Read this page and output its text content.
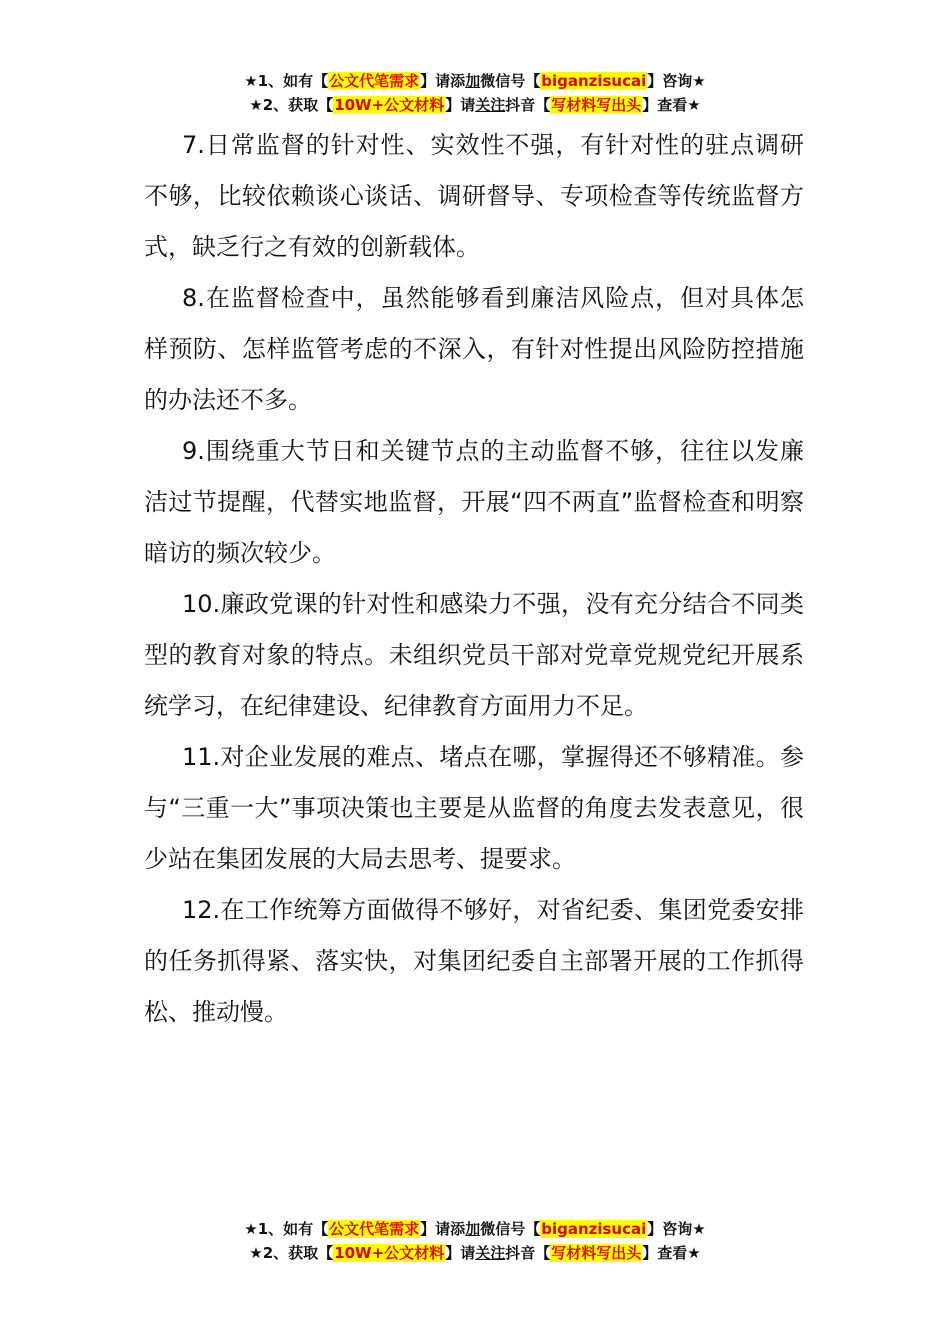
★1、如有【公文代笔需求】请添加微信号【biganzisucai】咨询★
★2、获取【10W+公文材料】请关注抖音【写材料写出头】查看★

7.日常监督的针对性、实效性不强，有针对性的驻点调研不够，比较依赖谈心谈话、调研督导、专项检查等传统监督方式，缺乏行之有效的创新载体。

8.在监督检查中，虽然能够看到廉洁风险点，但对具体怎样预防、怎样监管考虑的不深入，有针对性提出风险防控措施的办法还不多。

9.围绕重大节日和关键节点的主动监督不够，往往以发廉洁过节提醒，代替实地监督，开展“四不两直”监督检查和明察暗访的频次较少。

10.廉政党课的针对性和感染力不强，没有充分结合不同类型的教育对象的特点。未组织党员干部对党章党规党纪开展系统学习，在纪律建设、纪律教育方面用力不足。

11.对企业发展的难点、堵点在哪，掌握得还不够精准。参与“三重一大”事项决策也主要是从监督的角度去发表意见，很少站在集团发展的大局去思考、提要求。

12.在工作统筹方面做得不够好，对省纪委、集团党委安排的任务抓得紧、落实快，对集团纪委自主部署开展的工作抓得松、推动慢。

★1、如有【公文代笔需求】请添加微信号【biganzisucai】咨询★
★2、获取【10W+公文材料】请关注抖音【写材料写出头】查看★
